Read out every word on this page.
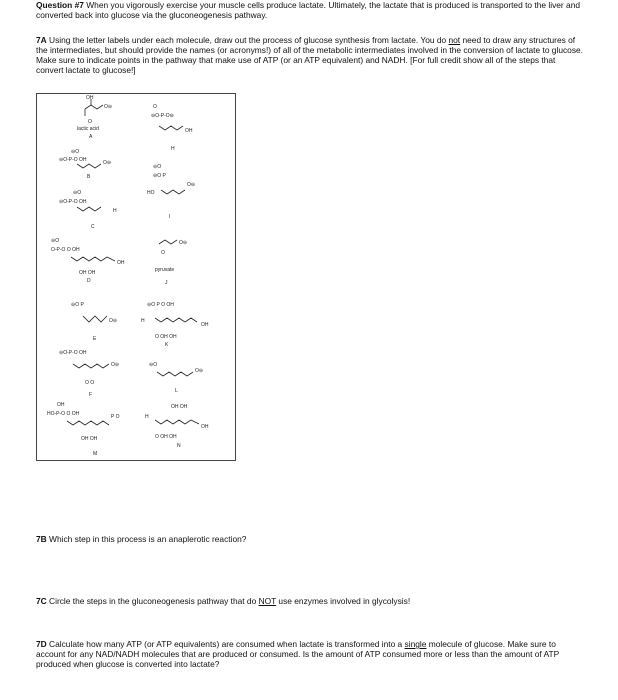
Question #7 When you vigorously exercise your muscle cells produce lactate. Ultimately, the lactate that is produced is transported to the liver and converted back into glucose via the gluconeogenesis pathway.

7A Using the letter labels under each molecule, draw out the process of glucose synthesis from lactate. You do not need to draw any structures of the intermediates, but should provide the names (or acronyms!) of all of the metabolic intermediates involved in the conversion of lactate to glucose. Make sure to indicate points in the pathway that make use of ATP (or an ATP equivalent) and NADH. [For full credit show all of the steps that convert lactate to glucose!]

OH
O⊖
O
lactic acid
A
⊖O
⊖O-P-O OH	O⊖
B
⊖O
⊖O-P-O OH
H
C
⊖O
O-P-O O OH
OH
OH OH
D
⊖O P
O⊖
E
⊖O-P-O OH
O⊖
O O
F
OH
HO-P-O O OH	P O
OH OH
M
O
⊖O-P-O⊖
OH
H
⊖O
⊖O P
HO
O⊖
I
O⊖
O
pyruvate
J
⊖O P O OH
H
OH
O OH OH
K
O⊖
⊖O
L
OH OH
H
OH
O OH OH
N

7B Which step in this process is an anaplerotic reaction?

7C Circle the steps in the gluconeogenesis pathway that do NOT use enzymes involved in glycolysis!

7D Calculate how many ATP (or ATP equivalents) are consumed when lactate is transformed into a single molecule of glucose. Make sure to account for any NAD/NADH molecules that are produced or consumed. Is the amount of ATP consumed more or less than the amount of ATP produced when glucose is converted into lactate?
